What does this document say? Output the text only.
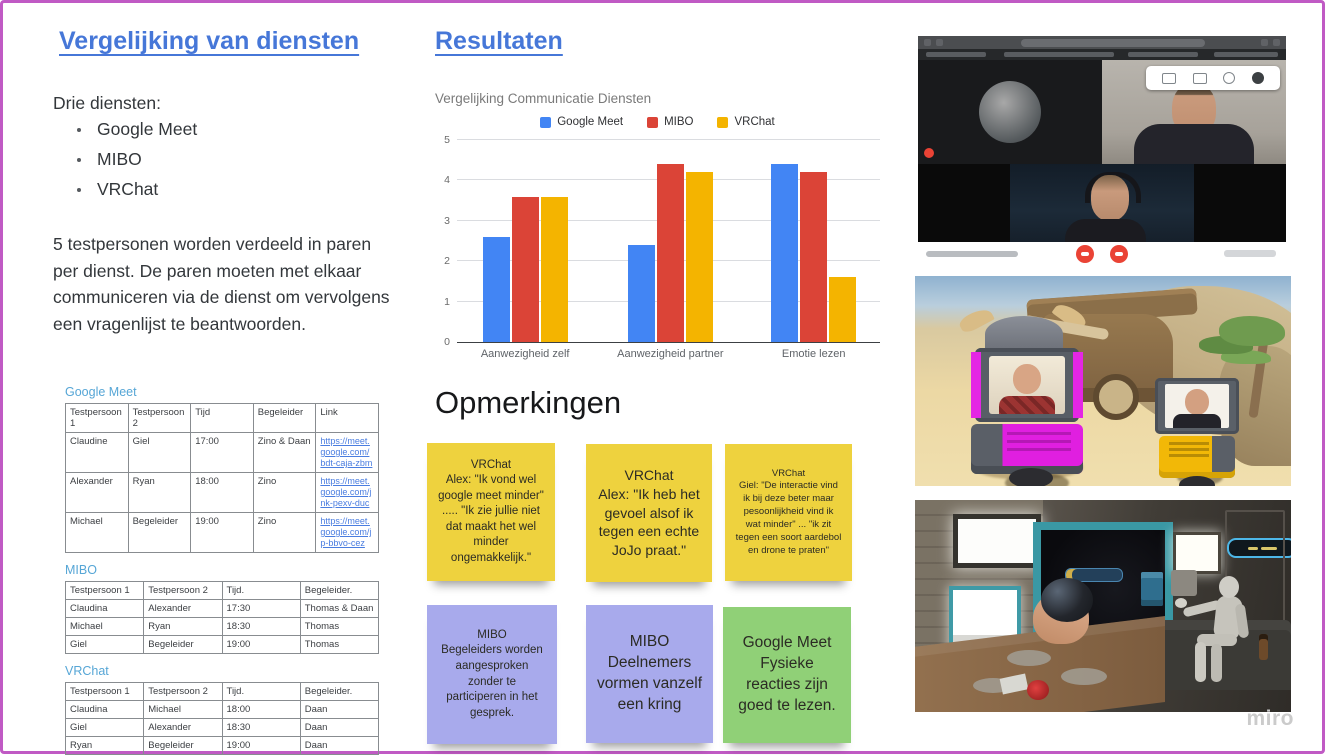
Vergelijking van diensten
Drie diensten:
Google Meet
MIBO
VRChat
5 testpersonen worden verdeeld in paren per dienst. De paren moeten met elkaar communiceren via de dienst om vervolgens een vragenlijst te beantwoorden.
Google Meet
Testpersoon 1	Testpersoon 2	Tijd	Begeleider	Link
Claudine	Giel	17:00	Zino & Daan	https://meet.google.com/bdt-caja-zbm
Alexander	Ryan	18:00	Zino	https://meet.google.com/jnk-pexv-duc
Michael	Begeleider	19:00	Zino	https://meet.google.com/jp-bbvo-cez
MIBO
Testpersoon 1	Testpersoon 2	Tijd.	Begeleider.
Claudina	Alexander	17:30	Thomas & Daan
Michael	Ryan	18:30	Thomas
Giel	Begeleider	19:00	Thomas
VRChat
Testpersoon 1	Testpersoon 2	Tijd.	Begeleider.
Claudina	Michael	18:00	Daan
Giel	Alexander	18:30	Daan
Ryan	Begeleider	19:00	Daan
Resultaten
Vergelijking Communicatie Diensten
Google Meet	MIBO	VRChat
0
1
2
3
4
5
Aanwezigheid zelf	Aanwezigheid partner	Emotie lezen
Opmerkingen
VRChat
Alex: "Ik vond wel google meet minder" ..... "Ik zie jullie niet dat maakt het wel minder ongemakkelijk."
VRChat
Alex: "Ik heb het gevoel alsof ik tegen een echte JoJo praat."
VRChat
Giel: "De interactie vind ik bij deze beter maar pesoonlijkheid vind ik wat minder" ... "ik zit tegen een soort aardebol en drone te praten"
MIBO
Begeleiders worden aangesproken zonder te participeren in het gesprek.
MIBO
Deelnemers vormen vanzelf een kring
Google Meet
Fysieke reacties zijn goed te lezen.
miro
